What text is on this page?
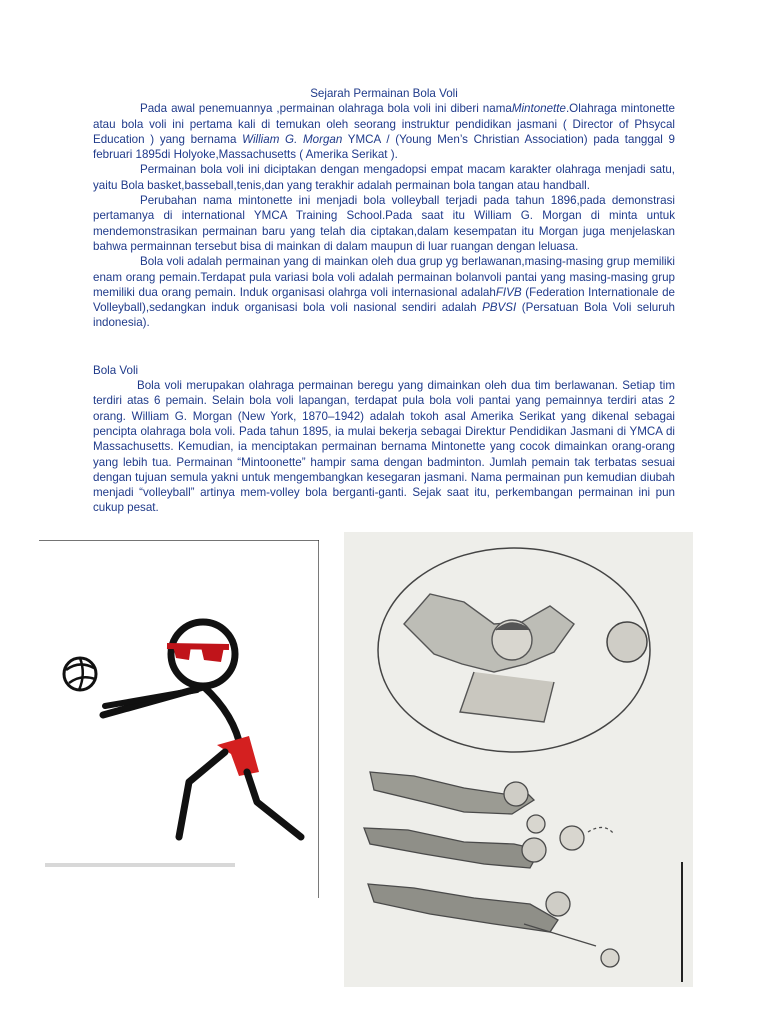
Sejarah Permainan Bola Voli

Pada awal penemuannya ,permainan olahraga bola voli ini diberi namaMintonette.Olahraga mintonette atau bola voli ini pertama kali di temukan oleh seorang instruktur pendidikan jasmani ( Director of Phsycal Education ) yang bernama William G. Morgan YMCA / (Young Men’s Christian Association) pada tanggal 9 februari 1895di Holyoke,Massachusetts ( Amerika Serikat ).

Permainan bola voli ini diciptakan dengan mengadopsi empat macam karakter olahraga menjadi satu, yaitu Bola basket,basseball,tenis,dan yang terakhir adalah permainan bola tangan atau handball.

Perubahan nama mintonette ini menjadi bola volleyball terjadi pada tahun 1896,pada demonstrasi pertamanya di international YMCA Training School.Pada saat itu William G. Morgan di minta untuk mendemonstrasikan permainan baru yang telah dia ciptakan,dalam kesempatan itu Morgan juga menjelaskan bahwa permainnan tersebut bisa di mainkan di dalam maupun di luar ruangan dengan leluasa.

Bola voli adalah permainan yang di mainkan oleh dua grup yg berlawanan,masing-masing grup memiliki enam orang pemain.Terdapat pula variasi bola voli adalah permainan bolanvoli pantai yang masing-masing grup memiliki dua orang pemain. Induk organisasi olahrga voli internasional adalahFIVB (Federation Internationale de Volleyball),sedangkan induk organisasi bola voli nasional sendiri adalah PBVSI (Persatuan Bola Voli seluruh indonesia).

Bola Voli

Bola voli merupakan olahraga permainan beregu yang dimainkan oleh dua tim berlawanan. Setiap tim terdiri atas 6 pemain. Selain bola voli lapangan, terdapat pula bola voli pantai yang pemainnya terdiri atas 2 orang. William G. Morgan (New York, 1870–1942) adalah tokoh asal Amerika Serikat yang dikenal sebagai pencipta olahraga bola voli. Pada tahun 1895, ia mulai bekerja sebagai Direktur Pendidikan Jasmani di YMCA di Massachusetts. Kemudian, ia menciptakan permainan bernama Mintonette yang cocok dimainkan orang-orang yang lebih tua. Permainan “Mintoonette” hampir sama dengan badminton. Jumlah pemain tak terbatas sesuai dengan tujuan semula yakni untuk mengembangkan kesegaran jasmani. Nama permainan pun kemudian diubah menjadi “volleyball” artinya mem-volley bola berganti-ganti. Sejak saat itu, perkembangan permainan ini pun cukup pesat.
